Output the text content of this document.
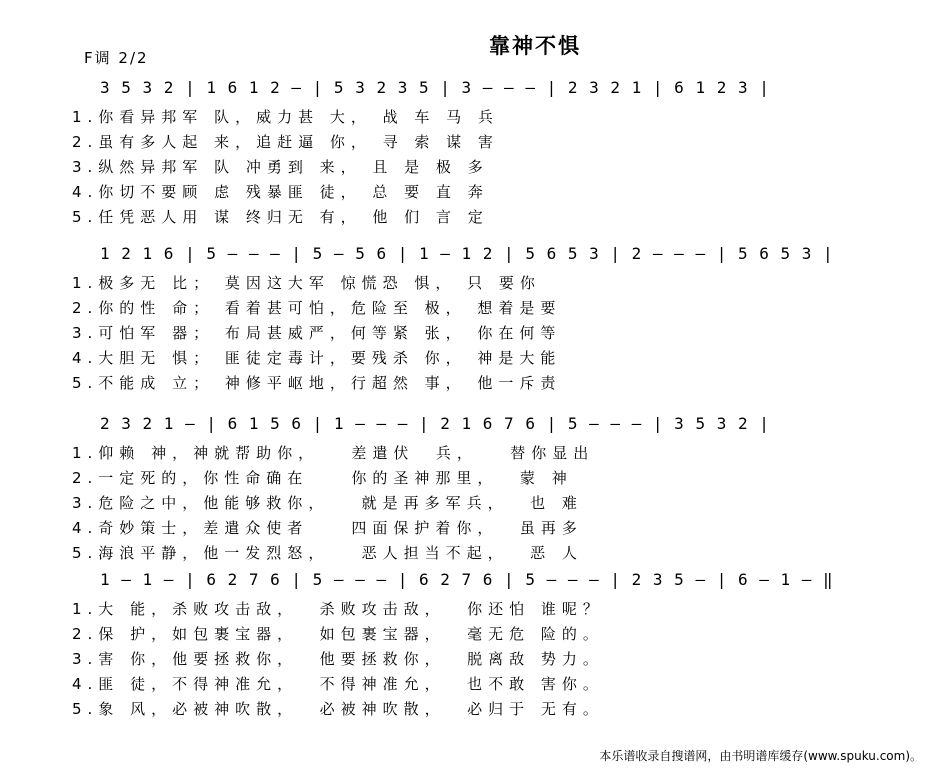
靠神不惧
F调 2/2
3 5 3 2 | 1 6 1 2 – | 5 3 2 3 5 | 3 – – – | 2 3 2 1 | 6 1 2 3 |
1.你看异邦军 队，威力甚 大， 战 车 马 兵
2.虽有多人起 来，追赶逼 你， 寻 索 谋 害
3.纵然异邦军 队 冲勇到 来， 且 是 极 多
4.你切不要顾 虑 残暴匪 徒， 总 要 直 奔
5.任凭恶人用 谋 终归无 有， 他 们 言 定
1 2 1 6 | 5 – – – | 5 – 5 6 | 1 – 1 2 | 5 6 5 3 | 2 – – – | 5 6 5 3 |
1.极多无 比； 莫因这大军 惊慌恐 惧， 只 要你
2.你的性 命； 看着甚可怕，危险至 极， 想着是要
3.可怕军 器； 布局甚威严，何等紧 张， 你在何等
4.大胆无 惧； 匪徒定毒计，要残杀 你， 神是大能
5.不能成 立； 神修平岖地，行超然 事， 他一斥责
2 3 2 1 – | 6 1 5 6 | 1 – – – | 2 1 6 7 6 | 5 – – – | 3 5 3 2 |
1.仰赖 神，神就帮助你，   差遣伏  兵，   替你显出
2.一定死的，你性命确在    你的圣神那里，  蒙 神
3.危险之中，他能够救你，   就是再多军兵，  也 难
4.奇妙策士，差遣众使者    四面保护着你，  虽再多
5.海浪平静，他一发烈怒，   恶人担当不起，  恶 人
1 – 1 – | 6 2 7 6 | 5 – – – | 6 2 7 6 | 5 – – – | 2 3 5 – | 6 – 1 – ‖
1.大 能，杀败攻击敌，  杀败攻击敌，  你还怕 谁呢？
2.保 护，如包裹宝器，  如包裹宝器，  毫无危 险的。
3.害 你，他要拯救你，  他要拯救你，  脱离敌 势力。
4.匪 徒，不得神准允，  不得神准允，  也不敢 害你。
5.象 风，必被神吹散，  必被神吹散，  必归于 无有。
本乐谱收录自搜谱网，由书明谱库缓存(www.spuku.com)。
